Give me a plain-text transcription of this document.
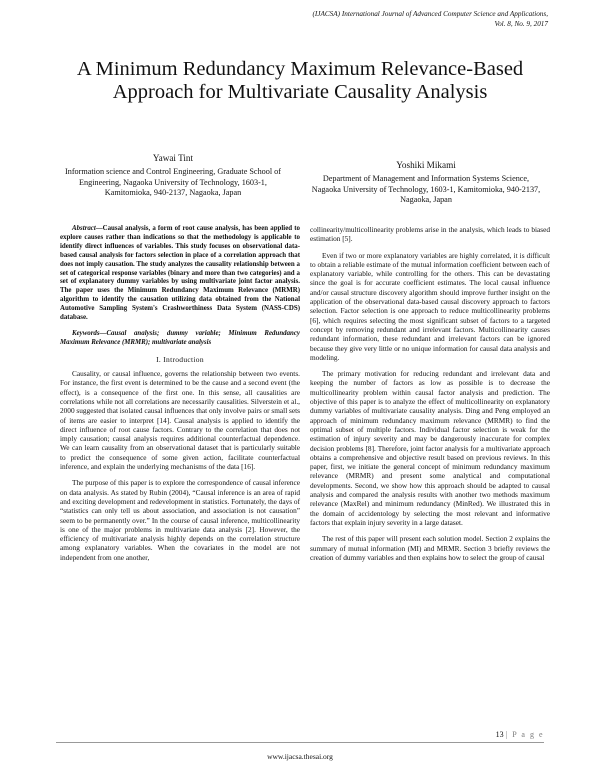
(IJACSA) International Journal of Advanced Computer Science and Applications,
Vol. 8, No. 9, 2017
A Minimum Redundancy Maximum Relevance-Based Approach for Multivariate Causality Analysis
Yawai Tint
Information science and Control Engineering, Graduate School of Engineering, Nagaoka University of Technology, 1603-1, Kamitomioka, 940-2137, Nagaoka, Japan
Yoshiki Mikami
Department of Management and Information Systems Science, Nagaoka University of Technology, 1603-1, Kamitomioka, 940-2137, Nagaoka, Japan

Abstract—Causal analysis, a form of root cause analysis, has been applied to explore causes rather than indications so that the methodology is applicable to identify direct influences of variables. This study focuses on observational data-based causal analysis for factors selection in place of a correlation approach that does not imply causation. The study analyzes the causality relationship between a set of categorical response variables (binary and more than two categories) and a set of explanatory dummy variables by using multivariate joint factor analysis. The paper uses the Minimum Redundancy Maximum Relevance (MRMR) algorithm to identify the causation utilizing data obtained from the National Automotive Sampling System's Crashworthiness Data System (NASS-CDS) database.

Keywords—Causal analysis; dummy variable; Minimum Redundancy Maximum Relevance (MRMR); multivariate analysis

I. Introduction

Causality, or causal influence, governs the relationship between two events. For instance, the first event is determined to be the cause and a second event (the effect), is a consequence of the first one. In this sense, all causalities are correlations while not all correlations are necessarily causalities. Silverstein et al., 2000 suggested that isolated causal influences that only involve pairs or small sets of items are easier to interpret [14]. Causal analysis is applied to identify the direct influence of root cause factors. Contrary to the correlation that does not imply causation; causal analysis requires additional counterfactual dependence. We can learn causality from an observational dataset that is particularly suitable to predict the consequence of some given action, facilitate counterfactual inference, and explain the underlying mechanisms of the data [16].

The purpose of this paper is to explore the correspondence of causal inference on data analysis. As stated by Rubin (2004), “Causal inference is an area of rapid and exciting development and redevelopment in statistics. Fortunately, the days of “statistics can only tell us about association, and association is not causation” seem to be permanently over.” In the course of causal inference, multicollinearity is one of the major problems in multivariate data analysis [2]. However, the efficiency of multivariate analysis highly depends on the correlation structure among explanatory variables. When the covariates in the model are not independent from one another,

collinearity/multicollinearity problems arise in the analysis, which leads to biased estimation [5].

Even if two or more explanatory variables are highly correlated, it is difficult to obtain a reliable estimate of the mutual information coefficient between each of explanatory variable, while controlling for the others. This can be devastating since the goal is for accurate coefficient estimates. The local causal influence and/or causal structure discovery algorithm should improve further insight on the application of the observational data-based causal discovery approach to factors selection. Factor selection is one approach to reduce multicollinearity problems [6], which requires selecting the most significant subset of factors to a targeted concept by removing redundant and irrelevant factors. Multicollinearity causes redundant information, these redundant and irrelevant factors can be ignored because they give very little or no unique information for causal data analysis and modeling.

The primary motivation for reducing redundant and irrelevant data and keeping the number of factors as low as possible is to decrease the multicollinearity problem within causal factor analysis and prediction. The objective of this paper is to analyze the effect of multicollinearity on explanatory dummy variables of multivariate causality analysis. Ding and Peng employed an approach of minimum redundancy maximum relevance (MRMR) to find the optimal subset of multiple factors. Individual factor selection is weak for the estimation of injury severity and may be dangerously inaccurate for complex decision problems [8]. Therefore, joint factor analysis for a multivariate approach obtains a comprehensive and objective result based on previous reviews. In this paper, first, we initiate the general concept of minimum redundancy maximum relevance (MRMR) and present some analytical and computational developments. Second, we show how this approach should be adapted to causal analysis and compared the analysis results with another two methods maximum relevance (MaxRel) and minimum redundancy (MinRed). We illustrated this in the domain of accidentology by selecting the most relevant and informative factors that explain injury severity in a large dataset.

The rest of this paper will present each solution model. Section 2 explains the summary of mutual information (MI) and MRMR. Section 3 briefly reviews the creation of dummy variables and then explains how to select the group of causal

13 | P a g e
www.ijacsa.thesai.org
